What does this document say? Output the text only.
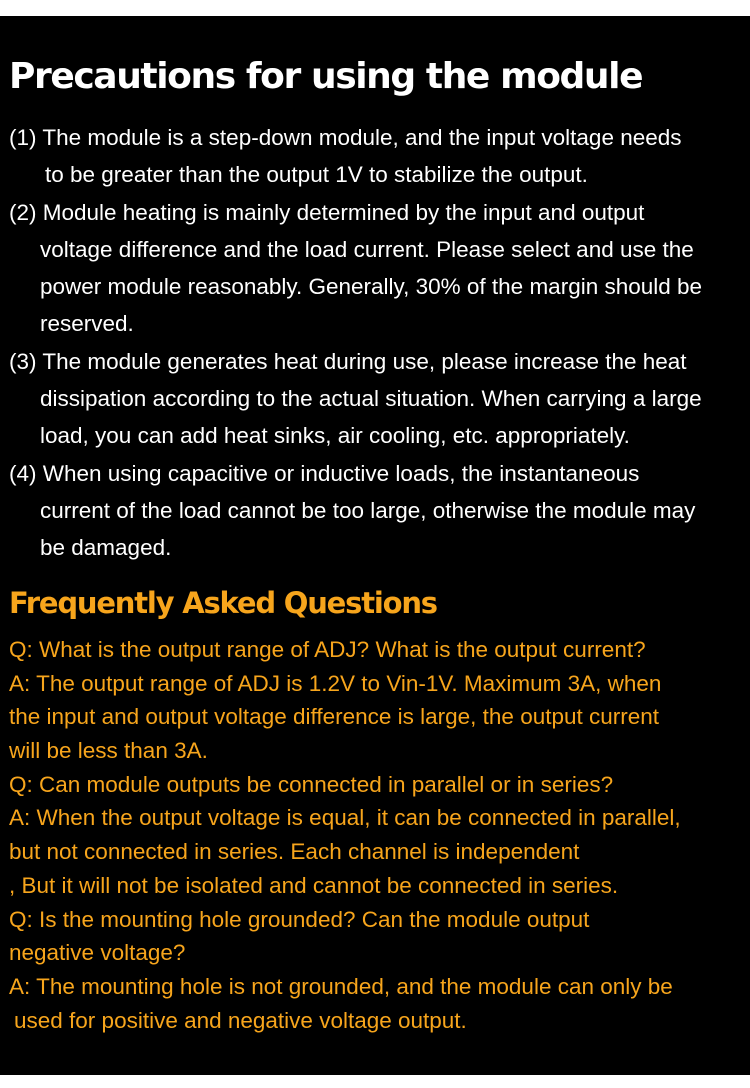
Precautions for using the module
(1) The module is a step-down module, and the input voltage needs
to be greater than the output 1V to stabilize the output.
(2) Module heating is mainly determined by the input and output
voltage difference and the load current. Please select and use the
power module reasonably. Generally, 30% of the margin should be
reserved.
(3) The module generates heat during use, please increase the heat
dissipation according to the actual situation. When carrying a large
load, you can add heat sinks, air cooling, etc. appropriately.
(4) When using capacitive or inductive loads, the instantaneous
current of the load cannot be too large, otherwise the module may
be damaged.
Frequently Asked Questions
Q: What is the output range of ADJ? What is the output current?
A: The output range of ADJ is 1.2V to Vin-1V. Maximum 3A, when
the input and output voltage difference is large, the output current
will be less than 3A.
Q: Can module outputs be connected in parallel or in series?
A: When the output voltage is equal, it can be connected in parallel,
but not connected in series. Each channel is independent
, But it will not be isolated and cannot be connected in series.
Q: Is the mounting hole grounded? Can the module output
negative voltage?
A: The mounting hole is not grounded, and the module can only be
used for positive and negative voltage output.
